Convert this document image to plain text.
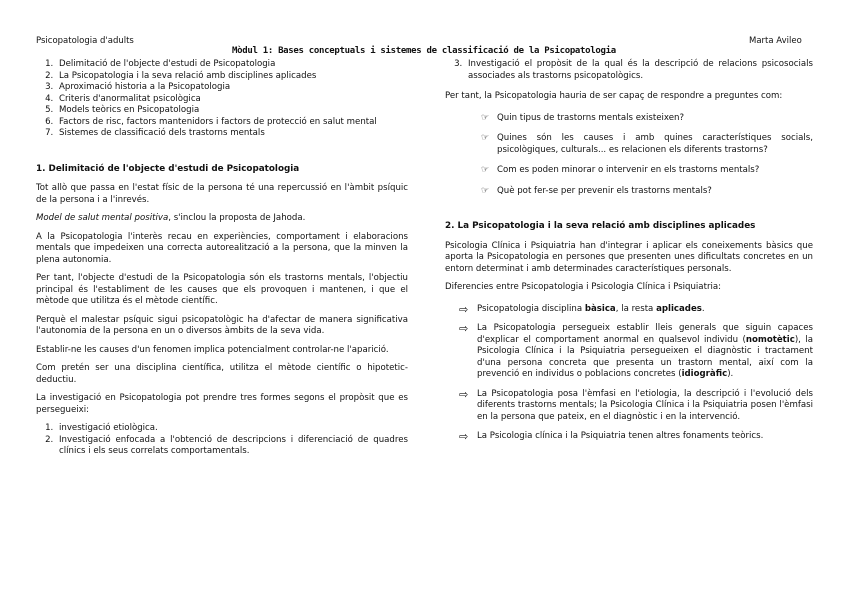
Psicopatologia d'adults	Marta Avileo
Mòdul 1: Bases conceptuals i sistemes de classificació de la Psicopatologia
1. Delimitació de l'objecte d'estudi de Psicopatologia
2. La Psicopatologia i la seva relació amb disciplines aplicades
3. Aproximació historia a la Psicopatologia
4. Criteris d'anormalitat psicològica
5. Models teòrics en Psicopatologia
6. Factors de risc, factors mantenidors i factors de protecció en salut mental
7. Sistemes de classificació dels trastorns mentals
1. Delimitació de l'objecte d'estudi de Psicopatologia

Tot allò que passa en l'estat físic de la persona té una repercussió en l'àmbit psíquic de la persona i a l'inrevés.

Model de salut mental positiva, s'inclou la proposta de Jahoda.

A la Psicopatologia l'interès recau en experiències, comportament i elaboracions mentals que impedeixen una correcta autorealització a la persona, que la minven la plena autonomia.

Per tant, l'objecte d'estudi de la Psicopatologia són els trastorns mentals, l'objectiu principal és l'establiment de les causes que els provoquen i mantenen, i que el mètode que utilitza és el mètode científic.

Perquè el malestar psíquic sigui psicopatològic ha d'afectar de manera significativa l'autonomia de la persona en un o diversos àmbits de la seva vida.

Establir-ne les causes d'un fenomen implica potencialment controlar-ne l'aparició.

Com pretén ser una disciplina científica, utilitza el mètode científic o hipotetic-deductiu.

La investigació en Psicopatologia pot prendre tres formes segons el propòsit que es persegueixi:

1. investigació etiològica.
2. Investigació enfocada a l'obtenció de descripcions i diferenciació de quadres clínics i els seus correlats comportamentals.
3. Investigació el propòsit de la qual és la descripció de relacions psicosocials associades als trastorns psicopatològics.

Per tant, la Psicopatologia hauria de ser capaç de respondre a preguntes com:

☞ Quin tipus de trastorns mentals existeixen?
☞ Quines són les causes i amb quines característiques socials, psicològiques, culturals... es relacionen els diferents trastorns?
☞ Com es poden minorar o intervenir en els trastorns mentals?
☞ Què pot fer-se per prevenir els trastorns mentals?
2. La Psicopatologia i la seva relació amb disciplines aplicades

Psicologia Clínica i Psiquiatria han d'integrar i aplicar els coneixements bàsics que aporta la Psicopatologia en persones que presenten unes dificultats concretes en un entorn determinat i amb determinades característiques personals.

Diferencies entre Psicopatologia i Psicologia Clínica i Psiquiatria:

⇨	Psicopatologia disciplina bàsica, la resta aplicades.
⇨	La Psicopatologia persegueix establir lleis generals que siguin capaces d'explicar el comportament anormal en qualsevol individu (nomotètic), la Psicologia Clínica i la Psiquiatria persegueixen el diagnòstic i tractament d'una persona concreta que presenta un trastorn mental, així com la prevenció en individus o poblacions concretes (idiogràfic).
⇨	La Psicopatologia posa l'èmfasi en l'etiologia, la descripció i l'evolució dels diferents trastorns mentals; la Psicologia Clínica i la Psiquiatria posen l'èmfasi en la persona que pateix, en el diagnòstic i en la intervenció.
⇨	La Psicologia clínica i la Psiquiatria tenen altres fonaments teòrics.
